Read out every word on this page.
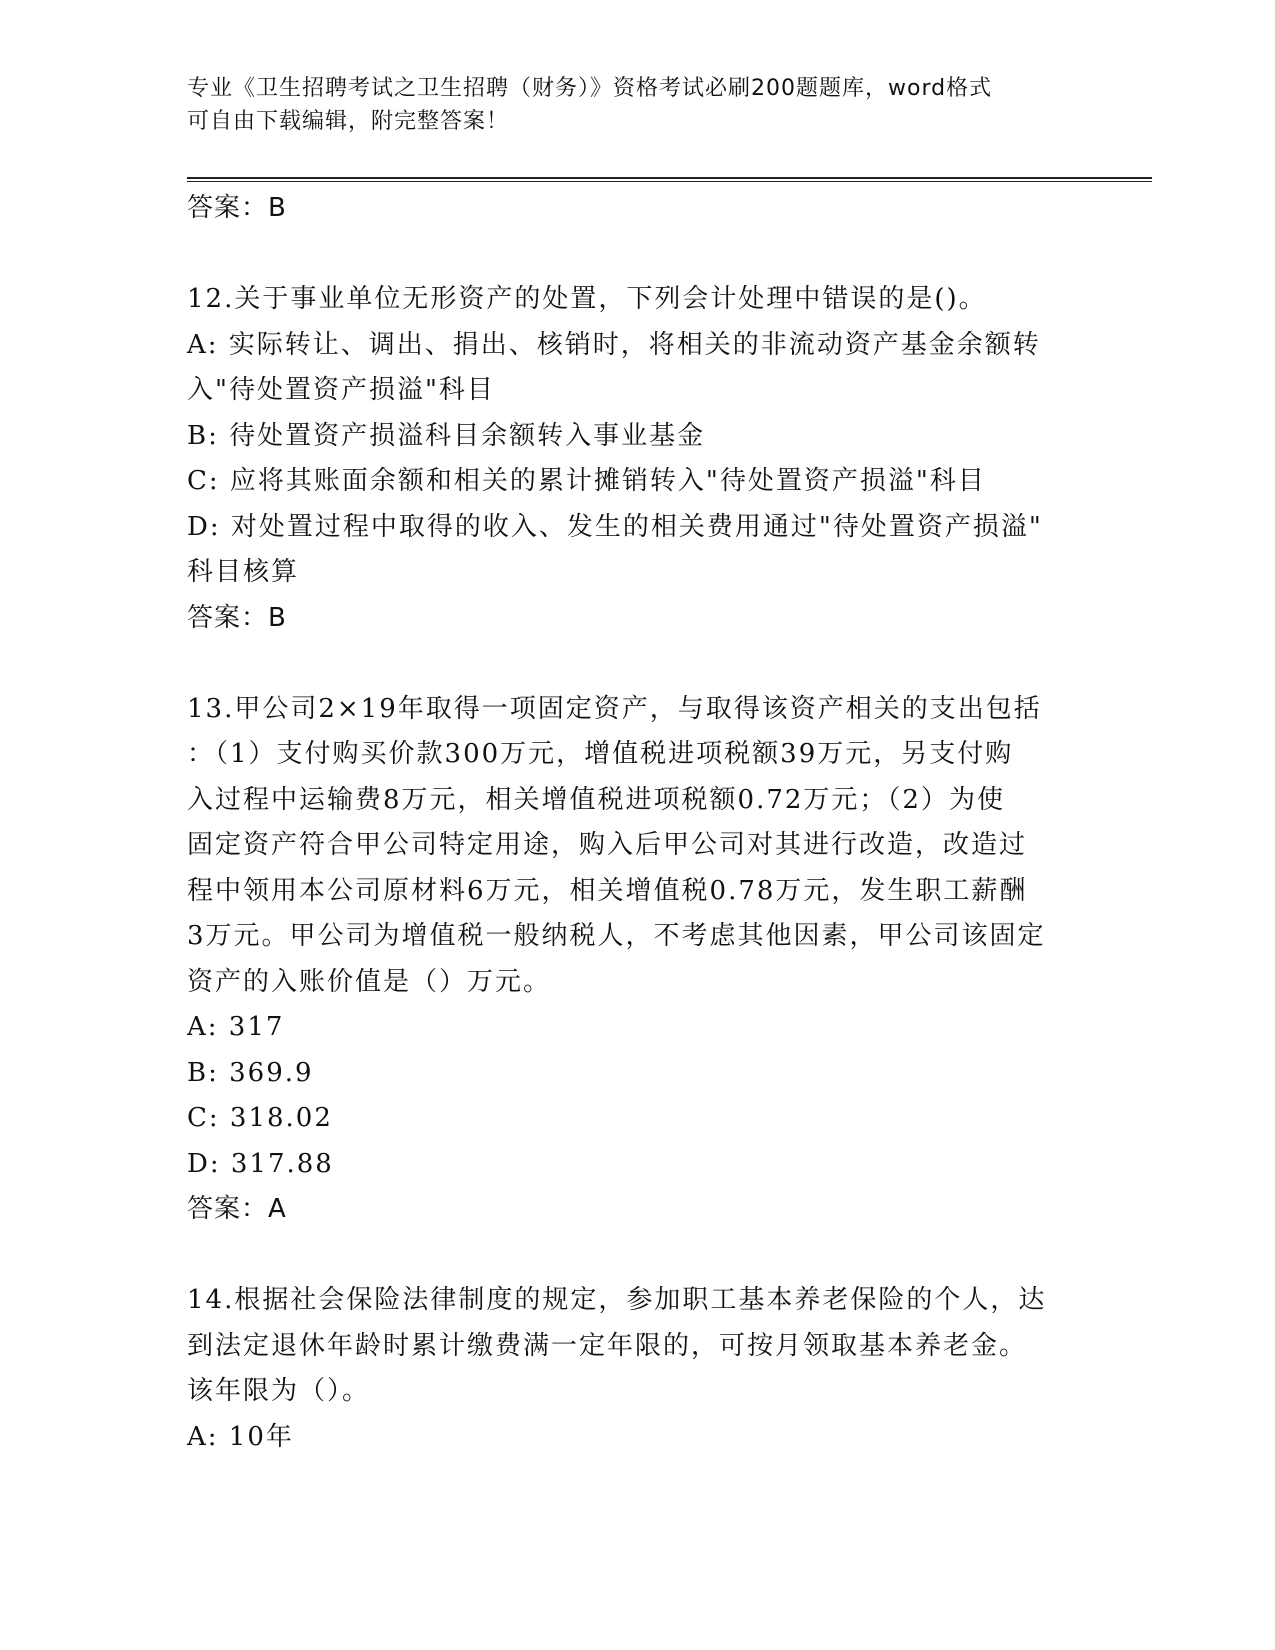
专业《卫生招聘考试之卫生招聘（财务）》资格考试必刷200题题库，word格式
可自由下载编辑，附完整答案！
答案：B
12.关于事业单位无形资产的处置，下列会计处理中错误的是()。
A: 实际转让、调出、捐出、核销时，将相关的非流动资产基金余额转
入"待处置资产损溢"科目
B: 待处置资产损溢科目余额转入事业基金
C: 应将其账面余额和相关的累计摊销转入"待处置资产损溢"科目
D: 对处置过程中取得的收入、发生的相关费用通过"待处置资产损溢"
科目核算
答案：B
13.甲公司2×19年取得一项固定资产，与取得该资产相关的支出包括
：（1）支付购买价款300万元，增值税进项税额39万元，另支付购
入过程中运输费8万元，相关增值税进项税额0.72万元；（2）为使
固定资产符合甲公司特定用途，购入后甲公司对其进行改造，改造过
程中领用本公司原材料6万元，相关增值税0.78万元，发生职工薪酬
3万元。甲公司为增值税一般纳税人，不考虑其他因素，甲公司该固定
资产的入账价值是（）万元。
A: 317
B: 369.9
C: 318.02
D: 317.88
答案：A
14.根据社会保险法律制度的规定，参加职工基本养老保险的个人，达
到法定退休年龄时累计缴费满一定年限的，可按月领取基本养老金。
该年限为（）。
A: 10年
